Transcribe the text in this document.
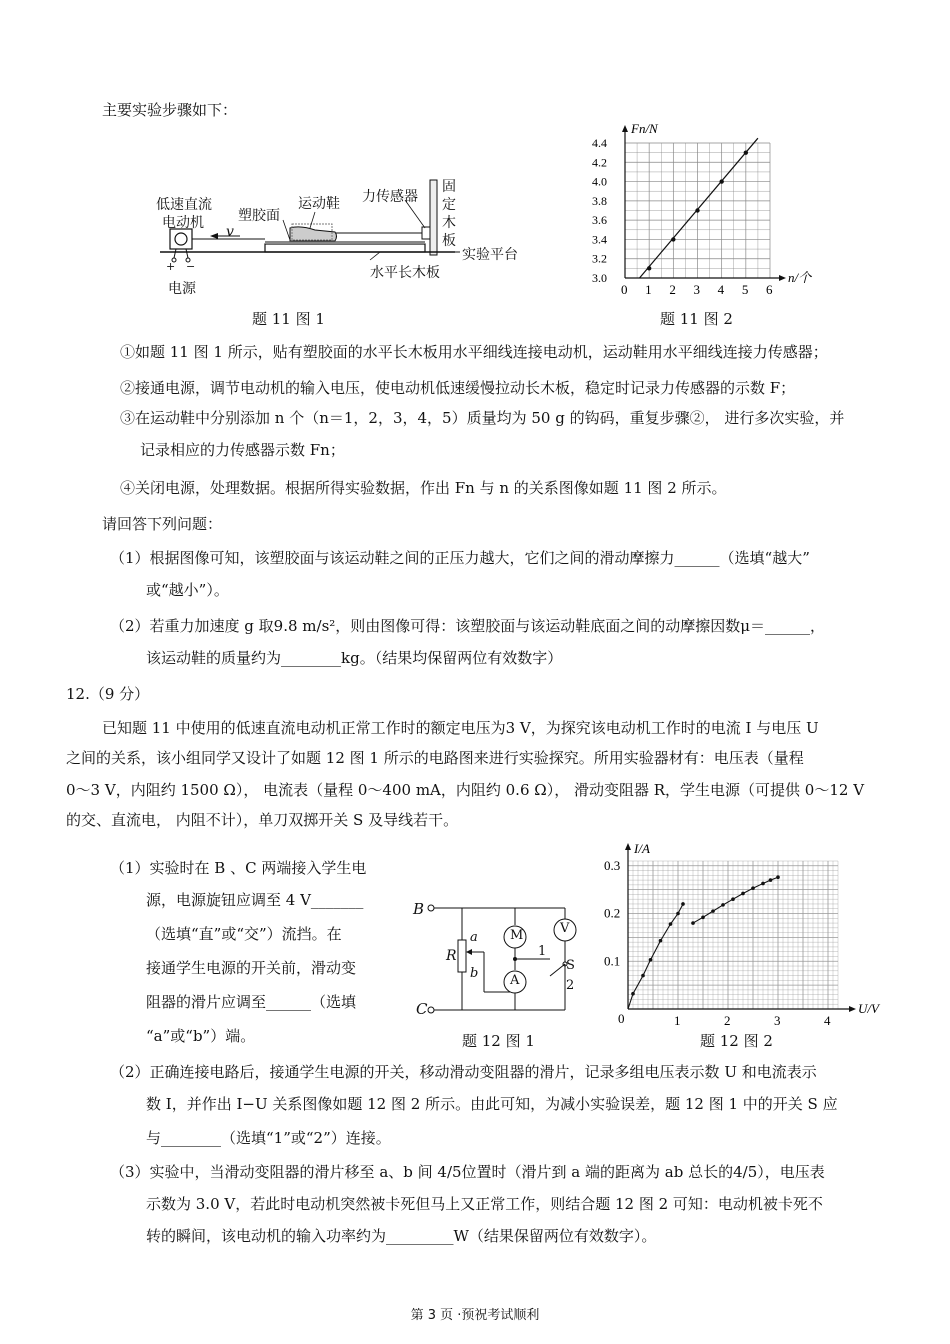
主要实验步骤如下：
低速直流
电动机 塑胶面
运动鞋 力传感器
固
定
木
板
v
实验平台
水平长木板
+ −
电源
题 11 图 1
0 1 2 3 4 5 6
3.0
3.2
3.4
3.6
3.8
4.0
4.2
4.4
n/个
Fn/N
题 11 图 2
①如题 11 图 1 所示，贴有塑胶面的水平长木板用水平细线连接电动机，运动鞋用水平细线连接力传感器；
②接通电源，调节电动机的输入电压，使电动机低速缓慢拉动长木板，稳定时记录力传感器的示数 F；
③在运动鞋中分别添加 n 个（n＝1，2，3，4，5）质量均为 50 g 的钩码，重复步骤②， 进行多次实验，并
记录相应的力传感器示数 Fn；
④关闭电源，处理数据。根据所得实验数据，作出 Fn 与 n 的关系图像如题 11 图 2 所示。
请回答下列问题：
（1）根据图像可知，该塑胶面与该运动鞋之间的正压力越大，它们之间的滑动摩擦力______（选填“越大”
或“越小”）。
（2）若重力加速度 g 取9.8 m/s²，则由图像可得：该塑胶面与该运动鞋底面之间的动摩擦因数μ＝______，
该运动鞋的质量约为________kg。（结果均保留两位有效数字）
12.（9 分）
已知题 11 中使用的低速直流电动机正常工作时的额定电压为3 V，为探究该电动机工作时的电流 I 与电压 U
之间的关系，该小组同学又设计了如题 12 图 1 所示的电路图来进行实验探究。所用实验器材有：电压表（量程
0～3 V，内阻约 1500 Ω）， 电流表（量程 0～400 mA，内阻约 0.6 Ω）， 滑动变阻器 R，学生电源（可提供 0～12 V
的交、直流电， 内阻不计），单刀双掷开关 S 及导线若干。
（1）实验时在 B 、C 两端接入学生电
源，电源旋钮应调至 4 V_______
（选填“直”或“交”）流挡。在
接通学生电源的开关前，滑动变
阻器的滑片应调至______（选填
“a”或“b”）端。
B
C
a
b
R
M	V
A
1
2
S
题 12 图 1
0	1	2	3	4
0.1
0.2
0.3
U/V
I/A
题 12 图 2
（2）正确连接电路后，接通学生电源的开关，移动滑动变阻器的滑片，记录多组电压表示数 U 和电流表示
数 I，并作出 I−U 关系图像如题 12 图 2 所示。由此可知，为减小实验误差，题 12 图 1 中的开关 S 应
与________（选填“1”或“2”）连接。
（3）实验中，当滑动变阻器的滑片移至 a、b 间 4/5位置时（滑片到 a 端的距离为 ab 总长的4/5），电压表
示数为 3.0 V，若此时电动机突然被卡死但马上又正常工作，则结合题 12 图 2 可知：电动机被卡死不
转的瞬间，该电动机的输入功率约为_________W（结果保留两位有效数字）。
第 3 页 ·预祝考试顺利
